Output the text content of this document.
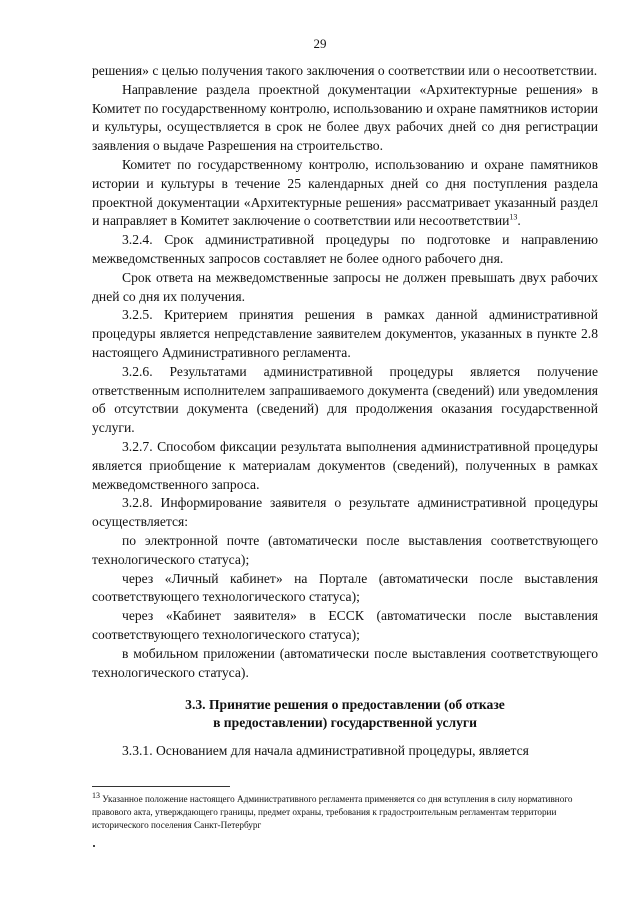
29

решения» с целью получения такого заключения о соответствии или о несоответствии.

Направление раздела проектной документации «Архитектурные решения» в Комитет по государственному контролю, использованию и охране памятников истории и культуры, осуществляется в срок не более двух рабочих дней со дня регистрации заявления о выдаче Разрешения на строительство.

Комитет по государственному контролю, использованию и охране памятников истории и культуры в течение 25 календарных дней со дня поступления раздела проектной документации «Архитектурные решения» рассматривает указанный раздел и направляет в Комитет заключение о соответствии или несоответствии$^{13}$.

3.2.4. Срок административной процедуры по подготовке и направлению межведомственных запросов составляет не более одного рабочего дня.

Срок ответа на межведомственные запросы не должен превышать двух рабочих дней со дня их получения.

3.2.5. Критерием принятия решения в рамках данной административной процедуры является непредставление заявителем документов, указанных в пункте 2.8 настоящего Административного регламента.

3.2.6. Результатами административной процедуры является получение ответственным исполнителем запрашиваемого документа (сведений) или уведомления об отсутствии документа (сведений) для продолжения оказания государственной услуги.

3.2.7. Способом фиксации результата выполнения административной процедуры является приобщение к материалам документов (сведений), полученных в рамках межведомственного запроса.

3.2.8. Информирование заявителя о результате административной процедуры осуществляется:

по электронной почте (автоматически после выставления соответствующего технологического статуса);

через «Личный кабинет» на Портале (автоматически после выставления соответствующего технологического статуса);

через «Кабинет заявителя» в ЕССК (автоматически после выставления соответствующего технологического статуса);

в мобильном приложении (автоматически после выставления соответствующего технологического статуса).

3.3. Принятие решения о предоставлении (об отказе
в предоставлении) государственной услуги

3.3.1. Основанием для начала административной процедуры, является

$^{13}$ Указанное положение настоящего Административного регламента применяется со дня вступления в силу нормативного правового акта, утверждающего границы, предмет охраны, требования к градостроительным регламентам территории исторического поселения Санкт-Петербург
